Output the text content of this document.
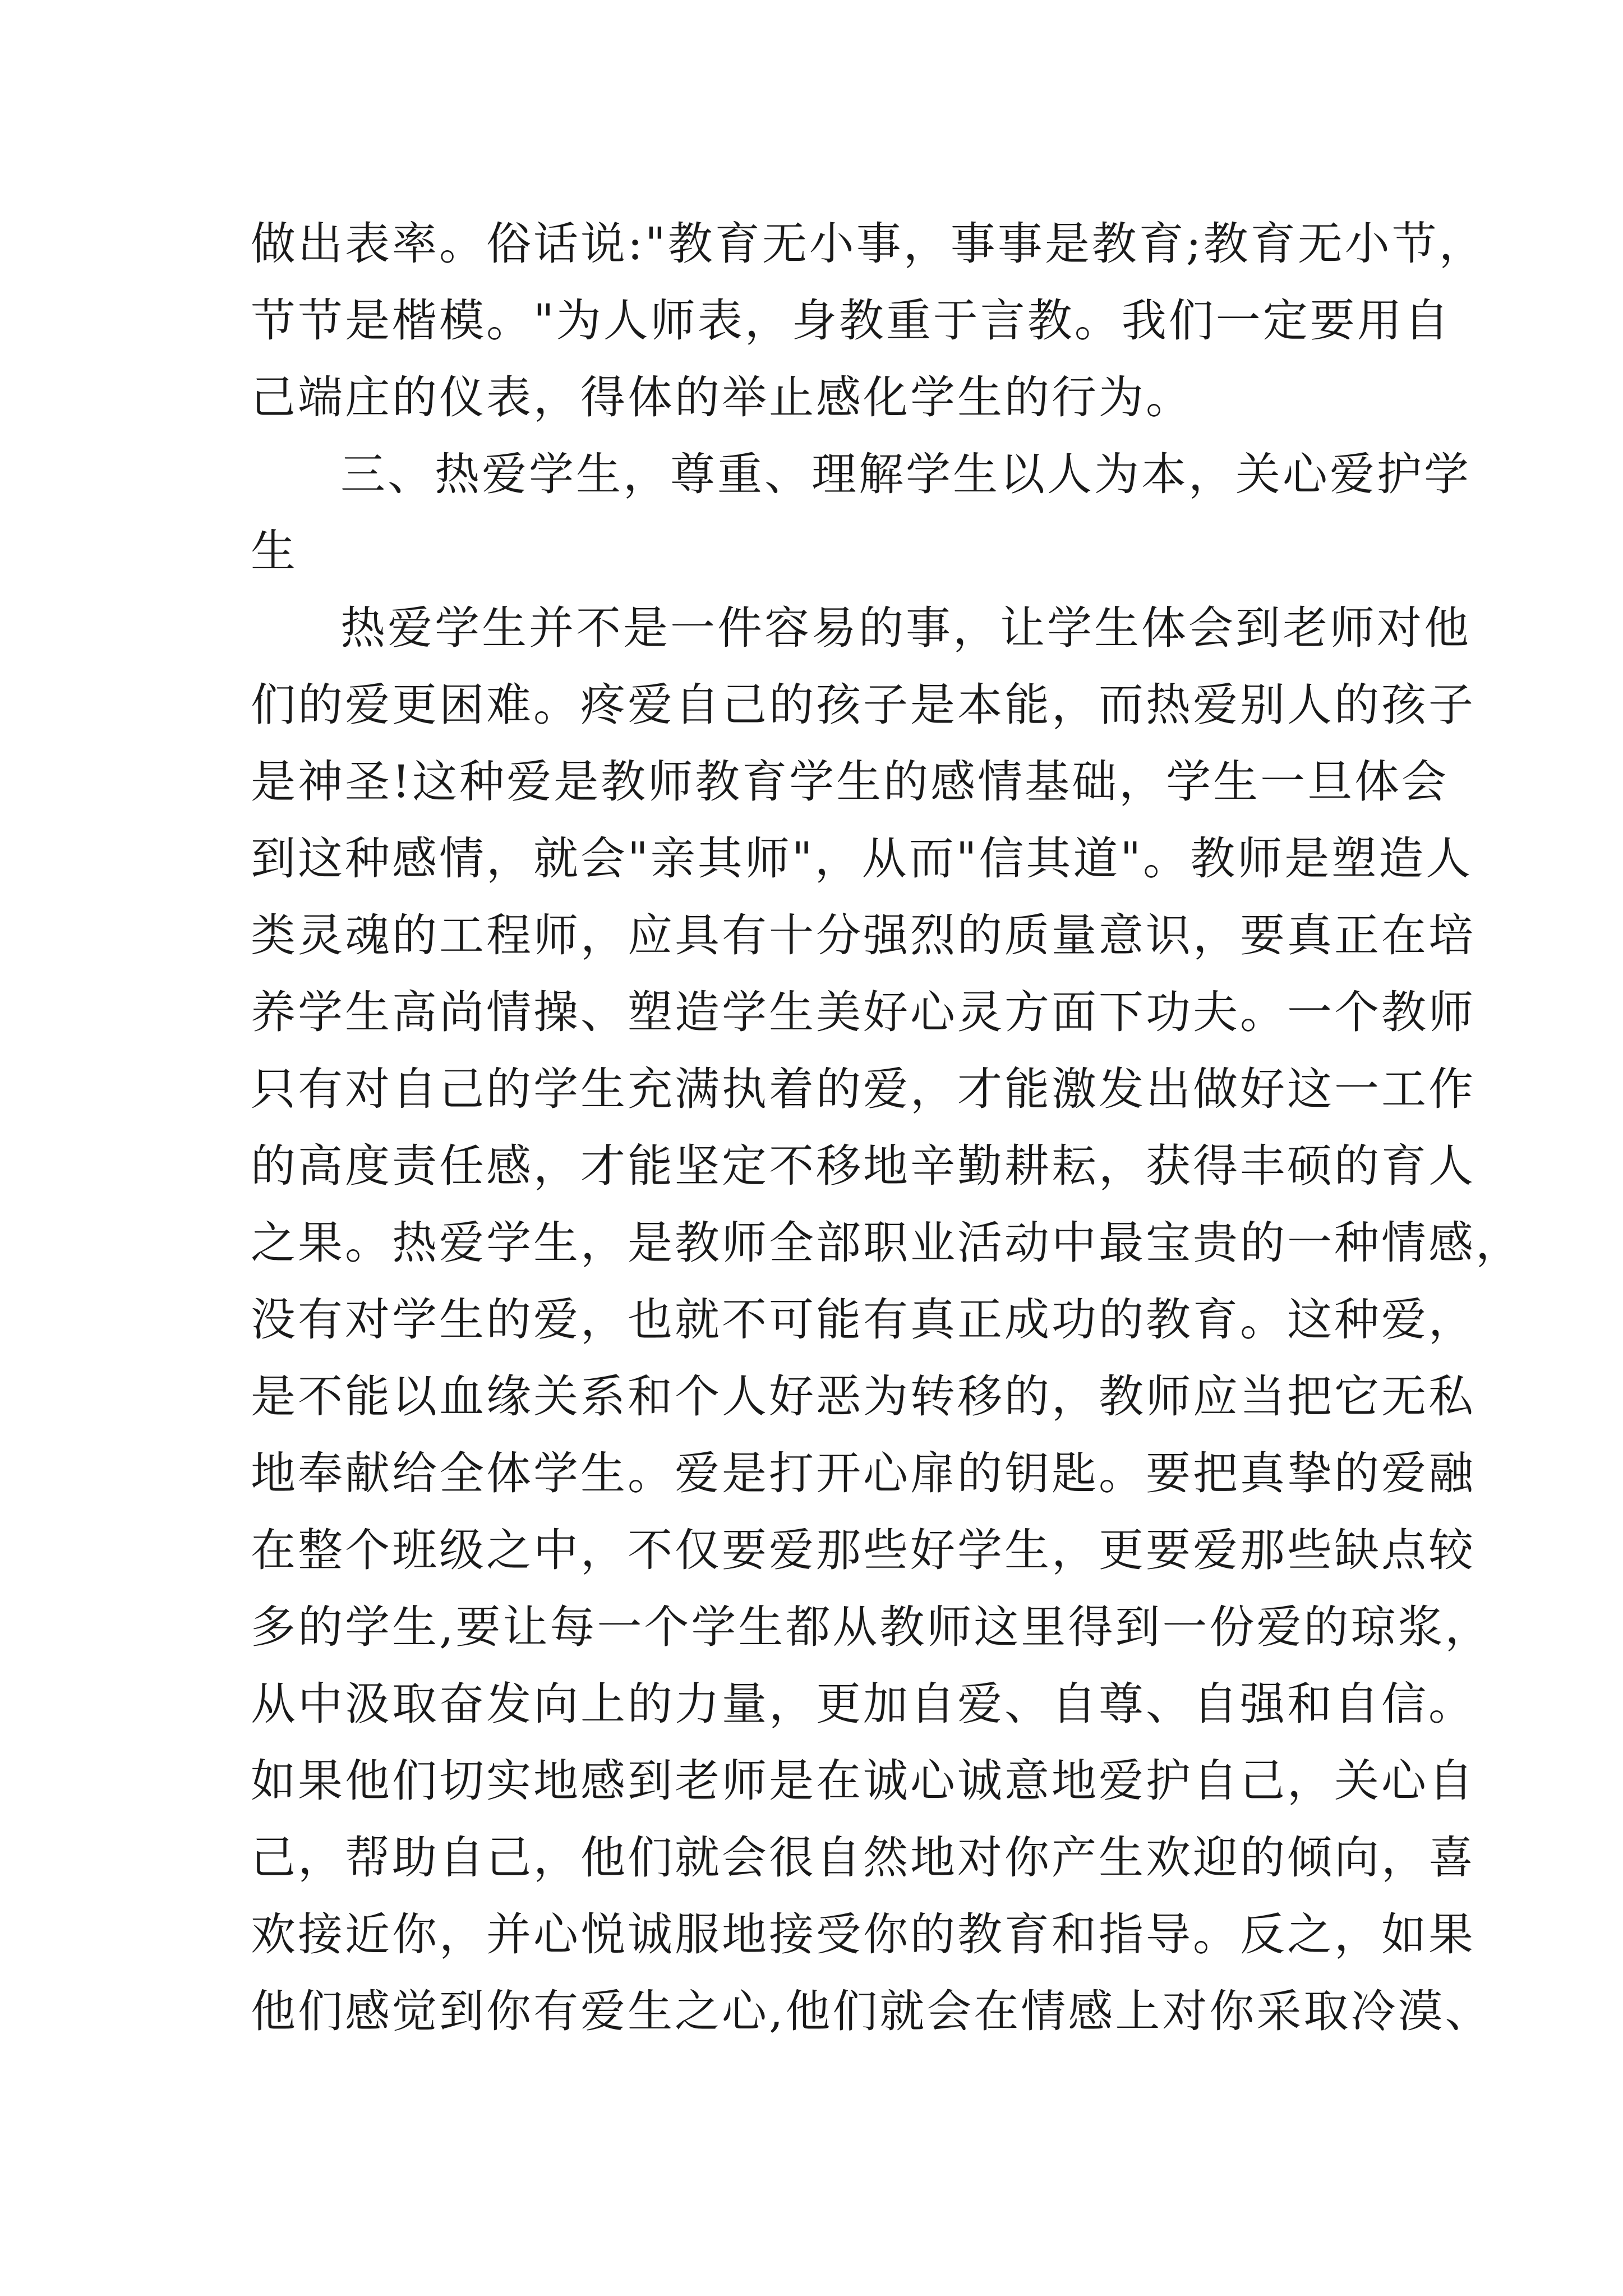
做出表率。俗话说:"教育无小事，事事是教育;教育无小节，
节节是楷模。"为人师表，身教重于言教。我们一定要用自
己端庄的仪表，得体的举止感化学生的行为。
三、热爱学生，尊重、理解学生以人为本，关心爱护学
生
热爱学生并不是一件容易的事，让学生体会到老师对他
们的爱更困难。疼爱自己的孩子是本能，而热爱别人的孩子
是神圣!这种爱是教师教育学生的感情基础，学生一旦体会
到这种感情，就会"亲其师"，从而"信其道"。教师是塑造人
类灵魂的工程师，应具有十分强烈的质量意识，要真正在培
养学生高尚情操、塑造学生美好心灵方面下功夫。一个教师
只有对自己的学生充满执着的爱，才能激发出做好这一工作
的高度责任感，才能坚定不移地辛勤耕耘，获得丰硕的育人
之果。热爱学生，是教师全部职业活动中最宝贵的一种情感，
没有对学生的爱，也就不可能有真正成功的教育。这种爱，
是不能以血缘关系和个人好恶为转移的，教师应当把它无私
地奉献给全体学生。爱是打开心扉的钥匙。要把真挚的爱融
在整个班级之中，不仅要爱那些好学生，更要爱那些缺点较
多的学生,要让每一个学生都从教师这里得到一份爱的琼浆，
从中汲取奋发向上的力量，更加自爱、自尊、自强和自信。
如果他们切实地感到老师是在诚心诚意地爱护自己，关心自
己，帮助自己，他们就会很自然地对你产生欢迎的倾向，喜
欢接近你，并心悦诚服地接受你的教育和指导。反之，如果
他们感觉到你有爱生之心,他们就会在情感上对你采取冷漠、
